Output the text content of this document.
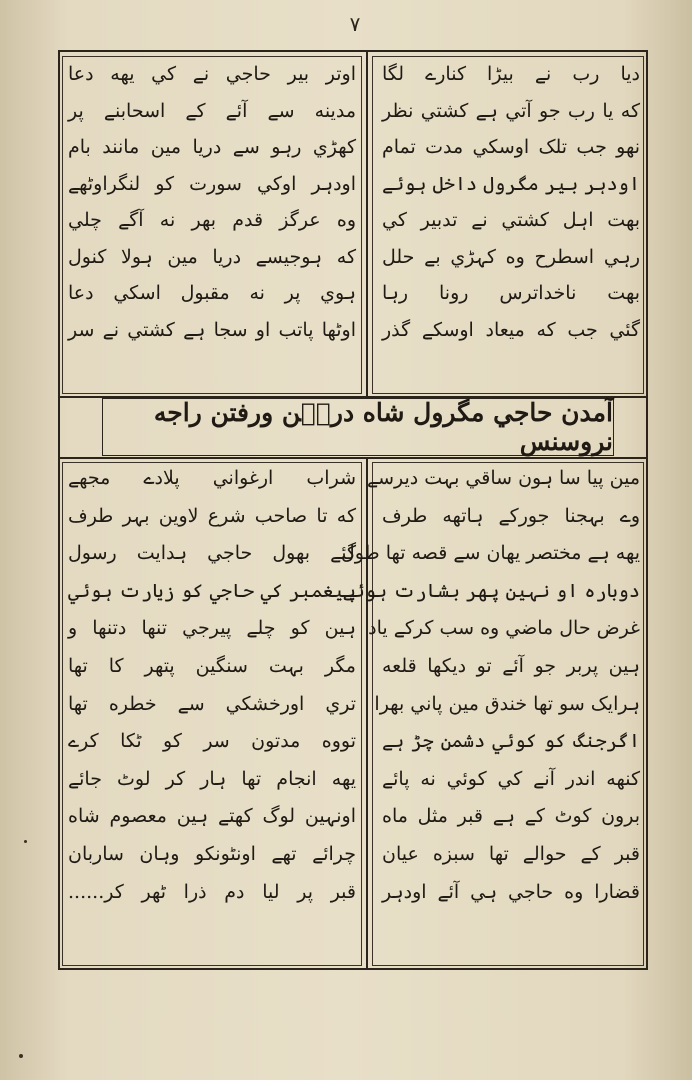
۷
ديا رب نے بيڑا کنارے لگا
که يا رب جو آتي ہے کشتي نظر
نهو جب تلک اوسکي مدت تمام
اودہر بير مگرول داخل ہوئے
بهت اہل کشتي نے تدبير کي
رہي اسطرح وه کہڑي بے حلل
بهت ناخداترس رونا رہا
گئي جب که ميعاد اوسکے گذر
اوتر بير حاجي نے کي يهه دعا
مدينه سے آئے کے اسحابنے پر
کهڑي رہو سے دريا مين مانند بام
اودہر اوکي سورت کو لنگراوٹهے
وه عرگز قدم بهر نه آگے چلي
که ہوجيسے دريا مين ہولا کنول
ہوي پر نه مقبول اسکي دعا
اوٹها پاتب او سجا ہے کشتي نے سر
آمدن حاجي مگرول شاه دريٖن ورفتن راجه نروسنس
مين پيا سا ہون ساقي بہت ديرسے
وے بہجنا جورکے ہاتهه طرف
يهه ہے مختصر يهان سے قصه تها طول
دوباره او نہين پهر بشارت ہوئے
غرض حال ماضي وه سب کرکے ياد
ہين پربر جو آئے تو ديکها قلعه
ہرايک سو تها خندق مين پاني بهرا
اگرجنگ کو کوئي دشمن چڑ ہے
کنهه اندر آنے کي کوئي نه پائے
برون کوٹ کے ہے قبر مثل ماه
قبر کے حوالے تها سبزه عيان
قضارا وه حاجي ہي آئے اودہر
شراب ارغواني پلادے مجهے
که تا صاحب شرع لاوين بہر طرف
گئے بهول حاجي ہدايت رسول
پيغمبر کي حاجي کو زيارت ہوئي
ہين کو چلے پيرجي تنها دتنها و
مگر بہت سنگين پتهر کا تها
تري اورخشکي سے خطره تها
تووه مدتون سر کو ٹکا کرے
يهه انجام تها ہار کر لوٹ جائے
اونہين لوگ کهتے ہين معصوم شاه
چرائے تهے اونٹونکو وہان ساربان
قبر پر ليا دم ذرا ٹهر کر......
